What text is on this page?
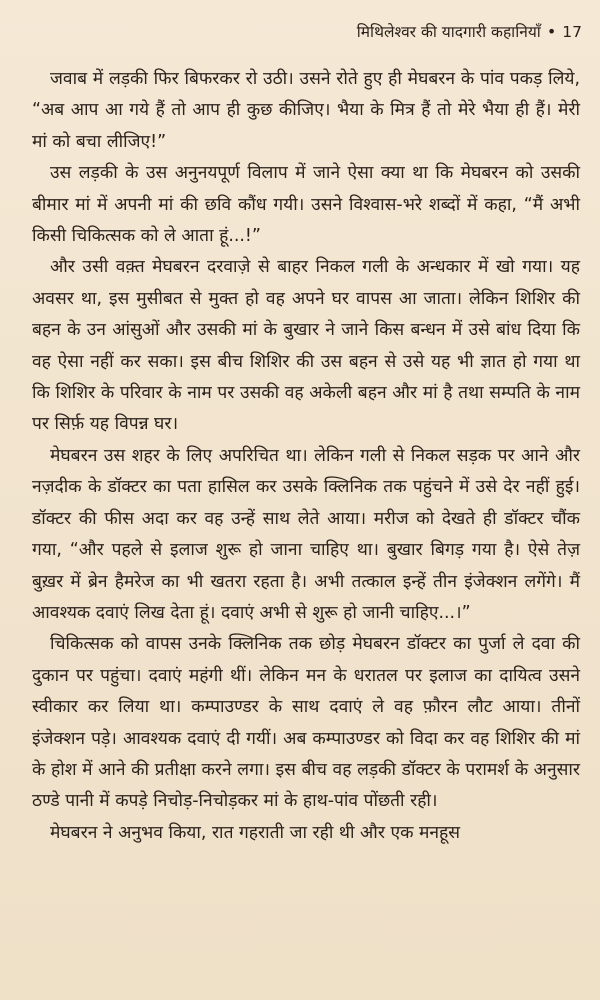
मिथिलेश्वर की यादगारी कहानियाँ • 17

जवाब में लड़की फिर बिफरकर रो उठी। उसने रोते हुए ही मेघबरन के पांव पकड़ लिये, “अब आप आ गये हैं तो आप ही कुछ कीजिए। भैया के मित्र हैं तो मेरे भैया ही हैं। मेरी मां को बचा लीजिए!”

उस लड़की के उस अनुनयपूर्ण विलाप में जाने ऐसा क्या था कि मेघबरन को उसकी बीमार मां में अपनी मां की छवि कौंध गयी। उसने विश्वास-भरे शब्दों में कहा, “मैं अभी किसी चिकित्सक को ले आता हूं...!”

और उसी वक़्त मेघबरन दरवाज़े से बाहर निकल गली के अन्धकार में खो गया। यह अवसर था, इस मुसीबत से मुक्त हो वह अपने घर वापस आ जाता। लेकिन शिशिर की बहन के उन आंसुओं और उसकी मां के बुखार ने जाने किस बन्धन में उसे बांध दिया कि वह ऐसा नहीं कर सका। इस बीच शिशिर की उस बहन से उसे यह भी ज्ञात हो गया था कि शिशिर के परिवार के नाम पर उसकी वह अकेली बहन और मां है तथा सम्पति के नाम पर सिर्फ़ यह विपन्न घर।

मेघबरन उस शहर के लिए अपरिचित था। लेकिन गली से निकल सड़क पर आने और नज़दीक के डॉक्टर का पता हासिल कर उसके क्लिनिक तक पहुंचने में उसे देर नहीं हुई। डॉक्टर की फीस अदा कर वह उन्हें साथ लेते आया। मरीज को देखते ही डॉक्टर चौंक गया, “और पहले से इलाज शुरू हो जाना चाहिए था। बुखार बिगड़ गया है। ऐसे तेज़ बुख़र में ब्रेन हैमरेज का भी खतरा रहता है। अभी तत्काल इन्हें तीन इंजेक्शन लगेंगे। मैं आवश्यक दवाएं लिख देता हूं। दवाएं अभी से शुरू हो जानी चाहिए...।”

चिकित्सक को वापस उनके क्लिनिक तक छोड़ मेघबरन डॉक्टर का पुर्जा ले दवा की दुकान पर पहुंचा। दवाएं महंगी थीं। लेकिन मन के धरातल पर इलाज का दायित्व उसने स्वीकार कर लिया था। कम्पाउण्डर के साथ दवाएं ले वह फ़ौरन लौट आया। तीनों इंजेक्शन पड़े। आवश्यक दवाएं दी गयीं। अब कम्पाउण्डर को विदा कर वह शिशिर की मां के होश में आने की प्रतीक्षा करने लगा। इस बीच वह लड़की डॉक्टर के परामर्श के अनुसार ठण्डे पानी में कपड़े निचोड़-निचोड़कर मां के हाथ-पांव पोंछती रही।

मेघबरन ने अनुभव किया, रात गहराती जा रही थी और एक मनहूस
